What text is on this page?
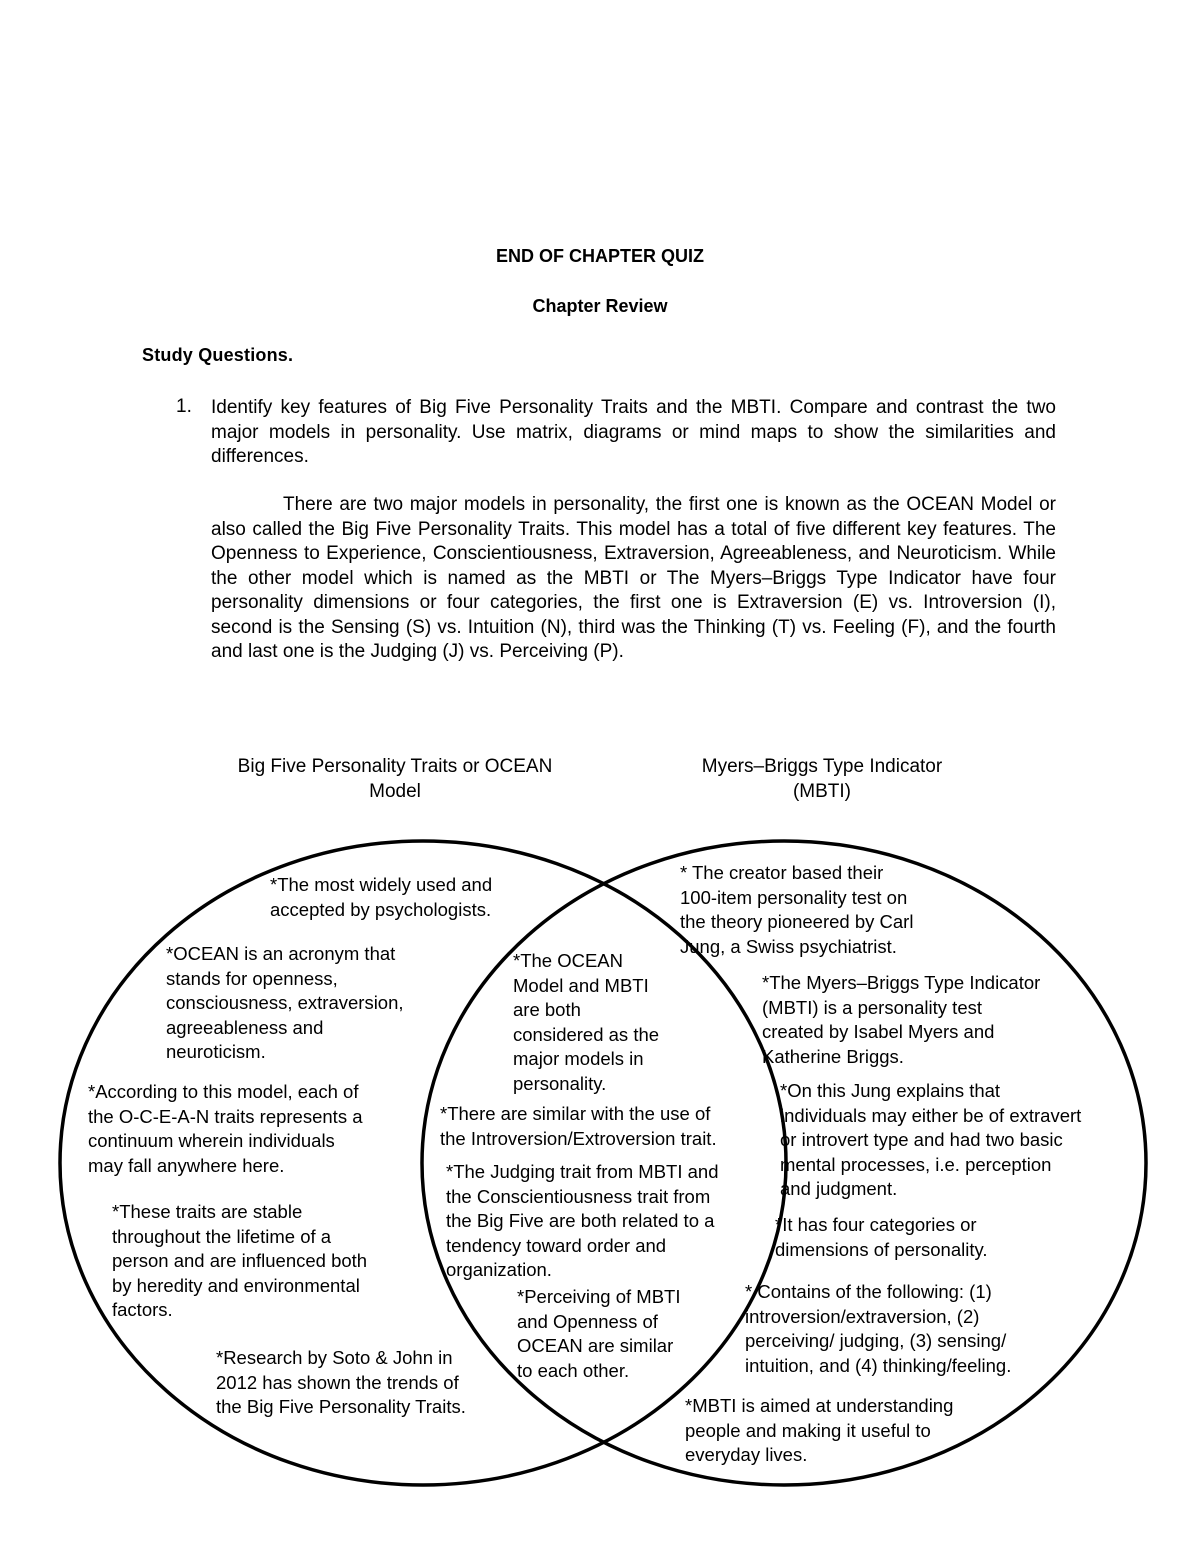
END OF CHAPTER QUIZ
Chapter Review
Study Questions.
1. Identify key features of Big Five Personality Traits and the MBTI. Compare and contrast the two major models in personality. Use matrix, diagrams or mind maps to show the similarities and differences.
There are two major models in personality, the first one is known as the OCEAN Model or also called the Big Five Personality Traits. This model has a total of five different key features. The Openness to Experience, Conscientiousness, Extraversion, Agreeableness, and Neuroticism. While the other model which is named as the MBTI or The Myers–Briggs Type Indicator have four personality dimensions or four categories, the first one is Extraversion (E) vs. Introversion (I), second is the Sensing (S) vs. Intuition (N), third was the Thinking (T) vs. Feeling (F), and the fourth and last one is the Judging (J) vs. Perceiving (P).
Big Five Personality Traits or OCEAN
Model
Myers–Briggs Type Indicator
(MBTI)
*The most widely used and
accepted by psychologists.
*OCEAN is an acronym that
stands for openness,
consciousness, extraversion,
agreeableness and
neuroticism.
*According to this model, each of
the O-C-E-A-N traits represents a
continuum wherein individuals
may fall anywhere here.
*These traits are stable
throughout the lifetime of a
person and are influenced both
by heredity and environmental
factors.
*Research by Soto & John in
2012 has shown the trends of
the Big Five Personality Traits.
*The OCEAN
Model and MBTI
are both
considered as the
major models in
personality.
*There are similar with the use of
the Introversion/Extroversion trait.
*The Judging trait from MBTI and
the Conscientiousness trait from
the Big Five are both related to a
tendency toward order and
organization.
*Perceiving of MBTI
and Openness of
OCEAN are similar
to each other.
* The creator based their
100-item personality test on
the theory pioneered by Carl
Jung, a Swiss psychiatrist.
*The Myers–Briggs Type Indicator
(MBTI) is a personality test
created by Isabel Myers and
Katherine Briggs.
*On this Jung explains that
individuals may either be of extravert
or introvert type and had two basic
mental processes, i.e. perception
and judgment.
*It has four categories or
dimensions of personality.
* Contains of the following: (1)
introversion/extraversion, (2)
perceiving/ judging, (3) sensing/
intuition, and (4) thinking/feeling.
*MBTI is aimed at understanding
people and making it useful to
everyday lives.
